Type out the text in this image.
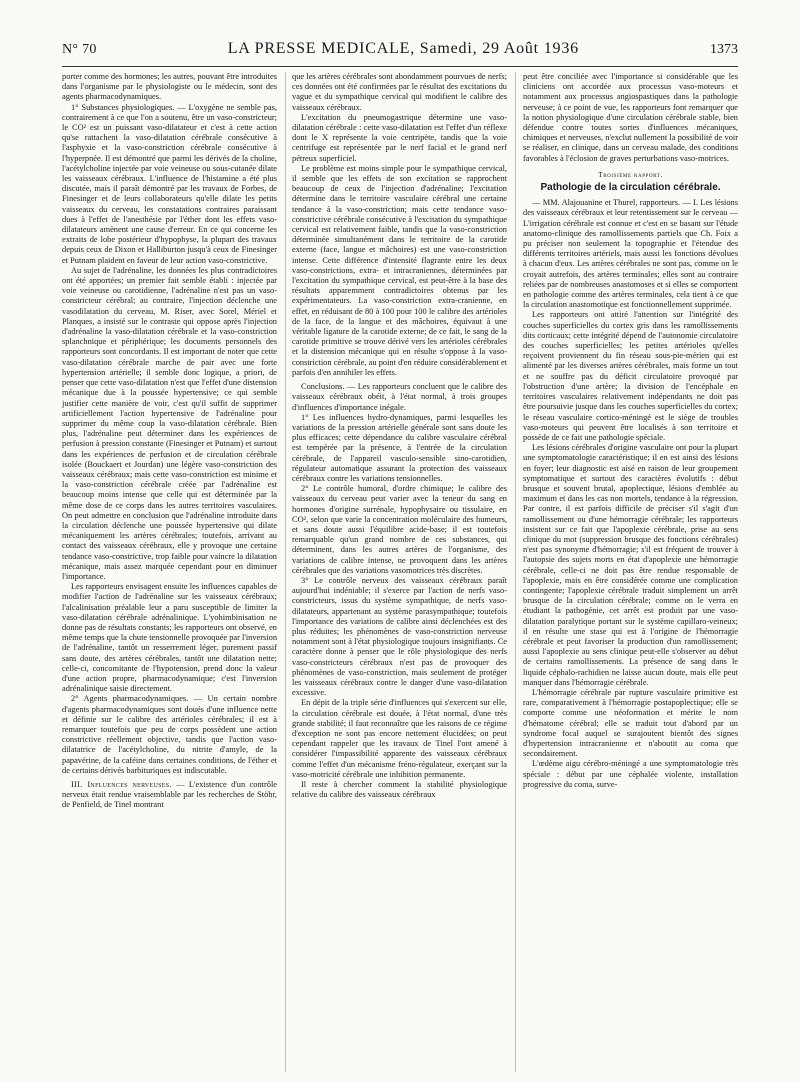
N° 70	LA PRESSE MEDICALE, Samedi, 29 Août 1936	1373

porter comme des hormones; les autres, pouvant être introduites dans l'organisme par le physiologiste ou le médecin, sont des agents pharmacodynamiques.

1° Substances physiologiques. — L'oxygène ne semble pas, contrairement à ce que l'on a soutenu, être un vaso-constricteur; le CO² est un puissant vaso-dilatateur et c'est à cette action qu'se rattachent la vaso-dilatation cérébrale consécutive à l'asphyxie et la vaso-constriction cérébrale consécutive à l'hyperpnée. Il est démontré que parmi les dérivés de la choline, l'acétylcholine injectée par voie veineuse ou sous-cutanée dilate les vaisseaux cérébraux. L'influence de l'histamine a été plus discutée, mais il paraît démontré par les travaux de Forbes, de Finesinger et de leurs collaborateurs qu'elle dilate les petits vaisseaux du cerveau, les constatations contraires paraissant dues à l'effet de l'anesthésie par l'éther dont les effets vaso-dilatateurs amènent une cause d'erreur. En ce qui concerne les extraits de lobe postérieur d'hypophyse, la plupart des travaux depuis ceux de Dixon et Halliburton jusqu'à ceux de Finesinger et Putnam plaident en faveur de leur action vaso-constrictive.

Au sujet de l'adrénaline, les données les plus contradictoires ont été apportées; un premier fait semble établi : injectée par voie veineuse ou carotidienne, l'adrénaline n'est pas un vaso-constricteur cérébral; au contraire, l'injection déclenche une vasodilatation du cerveau, M. Riser, avec Sorel, Mériel et Planques, a insisté sur le contraste qui oppose après l'injection d'adrénaline la vaso-dilatation cérébrale et la vaso-constriction splanchnique et périphérique; les documents personnels des rapporteurs sont concordants. Il est important de noter que cette vaso-dilatation cérébrale marche de pair avec une forte hypertension artérielle; il semble donc logique, a priori, de penser que cette vaso-dilatation n'est que l'effet d'une distension mécanique due à la poussée hypertensive; ce qui semble justifier cette manière de voir, c'est qu'il suffit de supprimer artificiellement l'action hypertensive de l'adrénaline pour supprimer du même coup la vaso-dilatation cérébrale. Bien plus, l'adrénaline peut déterminer dans les expériences de perfusion à pression constante (Finesinger et Putnam) et surtout dans les expériences de perfusion et de circulation cérébrale isolée (Bouckaert et Jourdan) une légère vaso-constriction des vaisseaux cérébraux; mais cette vaso-constriction est minime et la vaso-constriction cérébrale créée par l'adrénaline est beaucoup moins intense que celle qui est déterminée par la même dose de ce corps dans les autres territoires vasculaires. On peut admettre en conclusion que l'adrénaline introduite dans la circulation déclenche une poussée hypertensive qui dilate mécaniquement les artères cérébrales; toutefois, arrivant au contact des vaisseaux cérébraux, elle y provoque une certaine tendance vaso-constrictive, trop faible pour vaincre la dilatation mécanique, mais assez marquée cependant pour en diminuer l'importance.

Les rapporteurs envisagent ensuite les influences capables de modifier l'action de l'adrénaline sur les vaisseaux cérébraux; l'alcalinisation préalable leur a paru susceptible de limiter la vaso-dilatation cérébrale adrénalinique. L'yohimbinisation ne donne pas de résultats constants; les rapporteurs ont observé, en même temps que la chute tensionnelle provoquée par l'inversion de l'adrénaline, tantôt un resserrement léger, purement passif sans doute, des artères cérébrales, tantôt une dilatation nette; celle-ci, concomitante de l'hypotension, prend donc la valeur d'une action propre, pharmacodynamique; c'est l'inversion adrénalinique saisie directement.

2° Agents pharmacodynamiques. — Un certain nombre d'agents pharmacodynamiques sont doués d'une influence nette et définie sur le calibre des artérioles cérébrales; il est à remarquer toutefois que peu de corps possèdent une action constrictive réellement objective, tandis que l'action vaso-dilatatrice de l'acétylcholine, du nitrite d'amyle, de la papavérine, de la caféine dans certaines conditions, de l'éther et de certains dérivés barbituriques est indiscutable.

III. Influences nerveuses. — L'existence d'un contrôle nerveux était rendue vraisemblable par les recherches de Stöhr, de Penfield, de Tinel montrant

que les artères cérébrales sont abondamment pourvues de nerfs; ces données ont été confirmées par le résultat des excitations du vague et du sympathique cervical qui modifient le calibre des vaisseaux cérébraux.

L'excitation du pneumogastrique détermine une vaso-dilatation cérébrale : cette vaso-dilatation est l'effet d'un réflexe dont le X représente la voie centripète, tandis que la voie centrifuge est représentée par le nerf facial et le grand nerf pétreux superficiel.

Le problème est moins simple pour le sympathique cervical, il semble que les effets de son excitation se rapprochent beaucoup de ceux de l'injection d'adrénaline; l'excitation détermine dans le territoire vasculaire cérébral une certaine tendance à la vaso-constriction; mais cette tendance vaso-constrictive cérébrale consécutive à l'excitation du sympathique cervical est relativement faible, tandis que la vaso-constriction déterminée simultanément dans le territoire de la carotide externe (face, langue et mâchoires) est une vaso-constriction intense. Cette différence d'intensité flagrante entre les deux vaso-constrictions, extra- et intracraniennes, déterminées par l'excitation du sympathique cervical, est peut-être à la base des résultats apparemment contradictoires obtenus par les expérimentateurs. La vaso-constriction extra-cranienne, en effet, en réduisant de 80 à 100 pour 100 le calibre des artérioles de la face, de la langue et des mâchoires, équivaut à une véritable ligature de la carotide externe; de ce fait, le sang de la carotide primitive se trouve dérivé vers les artérioles cérébrales et la distension mécanique qui en résulte s'oppose à la vaso-constriction cérébrale, au point d'en réduire considérablement et parfois d'en annihiler les effets.

Conclusions. — Les rapporteurs concluent que le calibre des vaisseaux cérébraux obéit, à l'état normal, à trois groupes d'influences d'importance inégale.

1° Les influences hydro-dynamiques, parmi lesquelles les variations de la pression artérielle générale sont sans doute les plus efficaces; cette dépendance du calibre vasculaire cérébral est tempérée par la présence, à l'entrée de la circulation cérébrale, de l'appareil vasculo-sensible sino-carotidien, régulateur automatique assurant la protection des vaisseaux cérébraux contre les variations tensionnelles.

2° Le contrôle humoral, d'ordre chimique; le calibre des vaisseaux du cerveau peut varier avec la teneur du sang en hormones d'origine surrénale, hypophysaire ou tissulaire, en CO², selon que varie la concentration moléculaire des humeurs, et sans doute aussi l'équilibre acide-base; il est toutefois remarquable qu'un grand nombre de ces substances, qui déterminent, dans les autres artères de l'organisme, des variations de calibre intense, ne provoquent dans les artères cérébrales que des variations vasomotrices très discrètes.

3° Le contrôle nerveux des vaisseaux cérébraux paraît aujourd'hui indéniable; il s'exerce par l'action de nerfs vaso-constricteurs, issus du système sympathique, de nerfs vaso-dilatateurs, appartenant au système parasympathique; toutefois l'importance des variations de calibre ainsi déclenchées est des plus réduites; les phénomènes de vaso-constriction nerveuse notamment sont à l'état physiologique toujours insignifiants. Ce caractère donne à penser que le rôle physiologique des nerfs vaso-constricteurs cérébraux n'est pas de provoquer des phénomènes de vaso-constriction, mais seulement de protéger les vaisseaux cérébraux contre le danger d'une vaso-dilatation excessive.

En dépit de la triple série d'influences qui s'exercent sur elle, la circulation cérébrale est douée, à l'état normal, d'une très grande stabilité; il faut reconnaître que les raisons de ce régime d'exception ne sont pas encore nettement élucidées; on peut cependant rappeler que les travaux de Tinel l'ont amené à considérer l'impassibilité apparente des vaisseaux cérébraux comme l'effet d'un mécanisme fréno-régulateur, exerçant sur la vaso-motricité cérébrale une inhibition permanente.

Il reste à chercher comment la stabilité physiologique relative du calibre des vaisseaux cérébraux

peut être conciliée avec l'importance si considérable que les cliniciens ont accordée aux processus vaso-moteurs et notamment aux processus angiospastiques dans la pathologie nerveuse; à ce point de vue, les rapporteurs font remarquer que la notion physiologique d'une circulation cérébrale stable, bien défendue contre toutes sortes d'influences mécaniques, chimiques et nerveuses, n'exclut nullement la possibilité de voir se réaliser, en clinique, dans un cerveau malade, des conditions favorables à l'éclosion de graves perturbations vaso-motrices.

Troisième rapport.
Pathologie de la circulation cérébrale.

— MM. Alajouanine et Thurel, rapporteurs. — I. Les lésions des vaisseaux cérébraux et leur retentissement sur le cerveau — L'irrigation cérébrale est connue et c'est en se basant sur l'étude anatomo-clinique des ramollissements partiels que Ch. Foix a pu préciser non seulement la topographie et l'étendue des différents territoires artériels, mais aussi les fonctions dévolues à chacun d'eux. Les artères cérébrales ne sont pas, comme on le croyait autrefois, des artères terminales; elles sont au contraire reliées par de nombreuses anastomoses et si elles se comportent en pathologie comme des artères terminales, cela tient à ce que la circulation anastomotique est fonctionnellement supprimée.

Les rapporteurs ont attiré l'attention sur l'intégrité des couches superficielles du cortex gris dans les ramollissements dits corticaux; cette intégrité dépend de l'autonomie circulatoire des couches superficielles; les petites artérioles qu'elles reçoivent proviennent du fin réseau sous-pie-mérien qui est alimenté par les diverses artères cérébrales, mais forme un tout et ne souffre pas du déficit circulatoire provoqué par l'obstruction d'une artère; la division de l'encéphale en territoires vasculaires relativement indépendants ne doit pas être poursuivie jusque dans les couches superficielles du cortex; le réseau vasculaire cortico-méningé est le siège de troubles vaso-moteurs qui peuvent être localisés à son territoire et possède de ce fait une pathologie spéciale.

Les lésions cérébrales d'origine vasculaire ont pour la plupart une symptomatologie caractéristique; il en est ainsi des lésions en foyer; leur diagnostic est aisé en raison de leur groupement symptomatique et surtout des caractères évolutifs : début brusque et souvent brutal, apoplectique, lésions d'emblée au maximum et dans les cas non mortels, tendance à la régression. Par contre, il est parfois difficile de préciser s'il s'agit d'un ramollissement ou d'une hémorragie cérébrale; les rapporteurs insistent sur ce fait que l'apoplexie cérébrale, prise au sens clinique du mot (suppression brusque des fonctions cérébrales) n'est pas synonyme d'hémorragie; s'il est fréquent de trouver à l'autopsie des sujets morts en état d'apoplexie une hémorragie cérébrale, celle-ci ne doit pas être rendue responsable de l'apoplexie, mais en être considérée comme une complication contingente; l'apoplexie cérébrale traduit simplement un arrêt brusque de la circulation cérébrale; comme on le verra en étudiant la pathogénie, cet arrêt est produit par une vaso-dilatation paralytique portant sur le système capillaro-veineux; il en résulte une stase qui est à l'origine de l'hémorragie cérébrale et peut favoriser la production d'un ramollissement; aussi l'apoplexie au sens clinique peut-elle s'observer au début de certains ramollissements. La présence de sang dans le liquide céphalo-rachidien ne laisse aucun doute, mais elle peut manquer dans l'hémorragie cérébrale.

L'hémorragie cérébrale par rupture vasculaire primitive est rare, comparativement à l'hémorragie postapoplectique; elle se comporte comme une néoformation et mérite le nom d'hématome cérébral; elle se traduit tout d'abord par un syndrome focal auquel se surajoutent bientôt des signes d'hypertension intracranienne et n'aboutit au coma que secondairement.

L'œdème aigu cérébro-méningé a une symptomatologie très spéciale : début par une céphalée violente, installation progressive du coma, surve-
